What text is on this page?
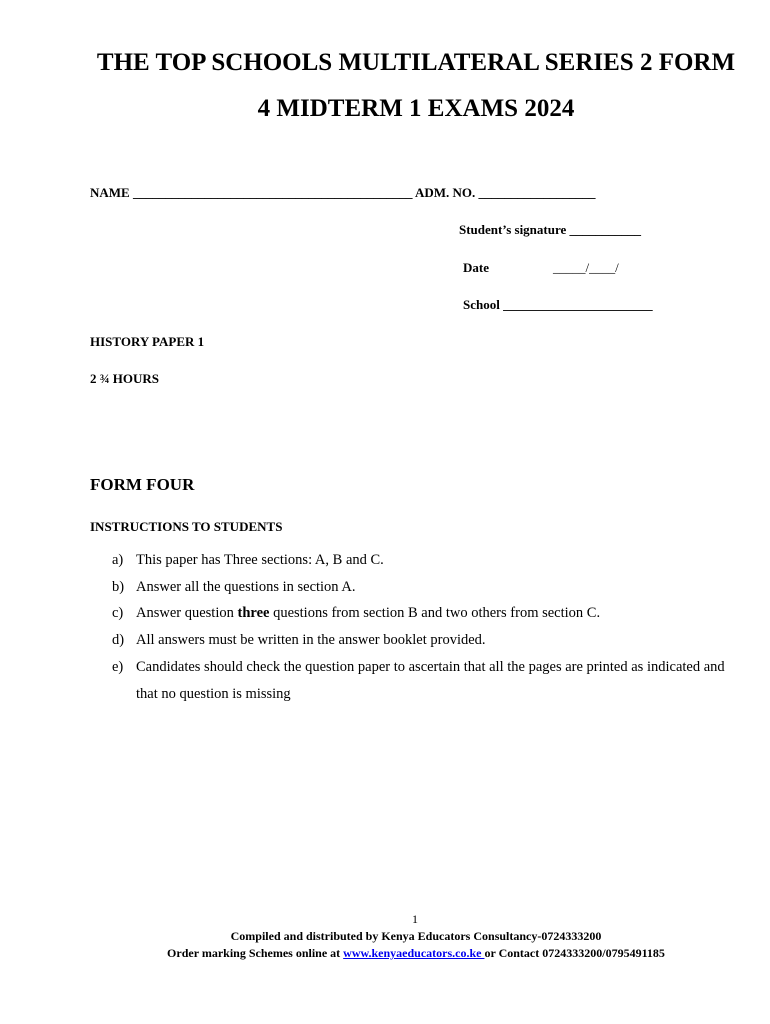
THE TOP SCHOOLS MULTILATERAL SERIES 2 FORM
4 MIDTERM 1 EXAMS 2024
NAME ___________________________________________ ADM. NO. __________________
Student’s signature ___________
Date	_____/____/
School _______________________
HISTORY PAPER 1
2 ¾ HOURS
FORM FOUR
INSTRUCTIONS TO STUDENTS
a) This paper has Three sections: A, B and C.
b) Answer all the questions in section A.
c) Answer question three questions from section B and two others from section C.
d) All answers must be written in the answer booklet provided.
e) Candidates should check the question paper to ascertain that all the pages are printed as indicated and that no question is missing
1
Compiled and distributed by Kenya Educators Consultancy-0724333200
Order marking Schemes online at www.kenyaeducators.co.ke or Contact 0724333200/0795491185
